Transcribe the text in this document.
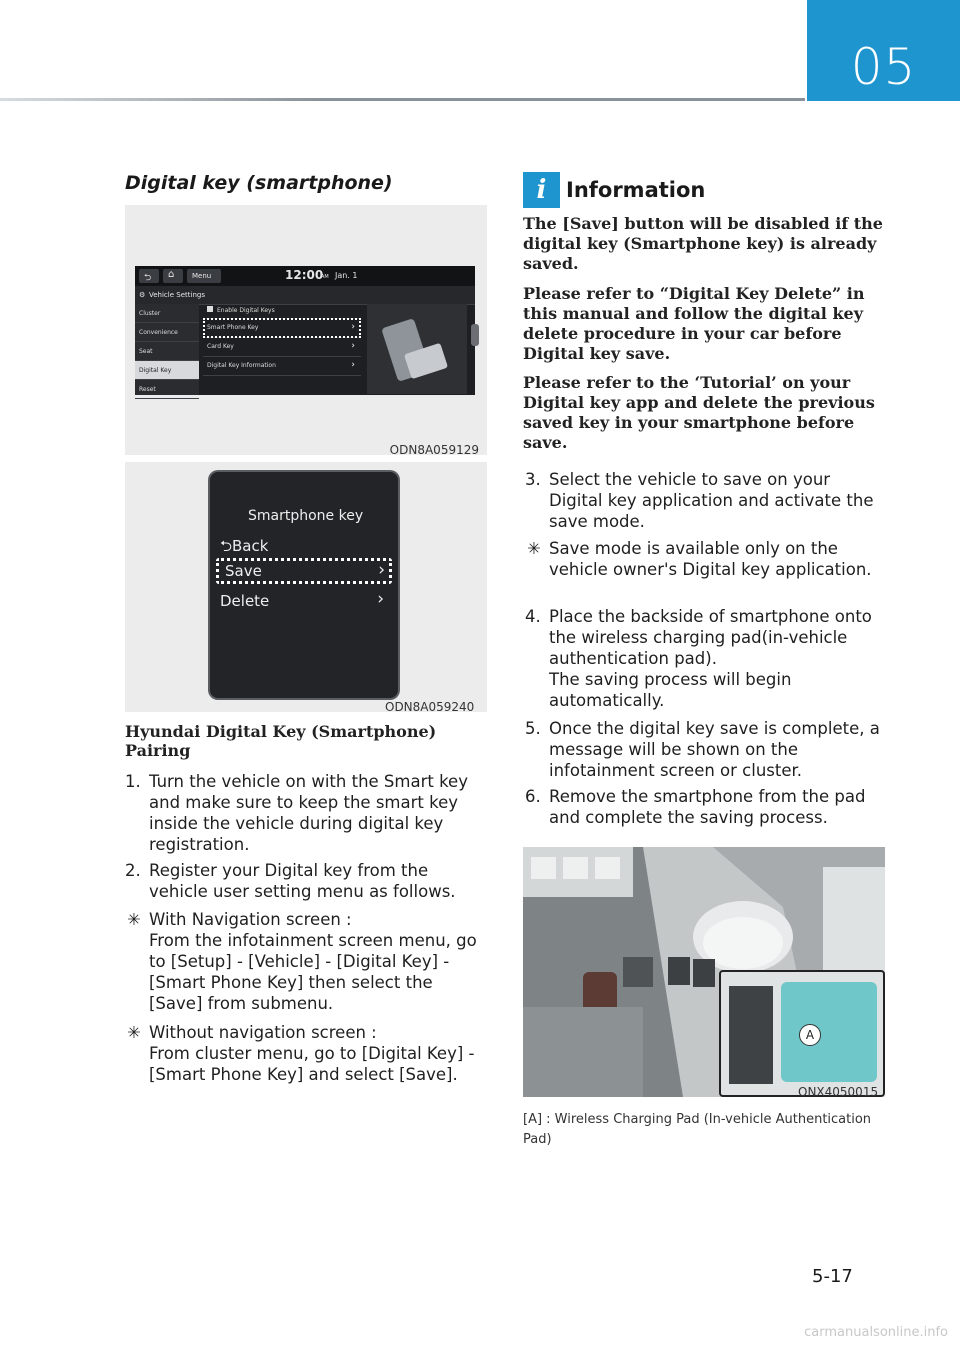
05
Digital key (smartphone)
⮌ ⌂	Menu	12:00
AM Jan. 1
⚙ Vehicle Settings
Cluster
Convenience
Seat
Digital Key
Reset
Enable Digital Keys
Smart Phone Key	›
Card Key	›
Digital Key Information	›
ODN8A059129
Smartphone key
⮌Back
Save	›
Delete	›
ODN8A059240
Hyundai Digital Key (Smartphone) Pairing
1. Turn the vehicle on with the Smart key and make sure to keep the smart key inside the vehicle during digital key registration.
2. Register your Digital key from the vehicle user setting menu as follows.
✳ With Navigation screen :
From the infotainment screen menu, go to [Setup] - [Vehicle] - [Digital Key] - [Smart Phone Key] then select the [Save] from submenu.
✳ Without navigation screen :
From cluster menu, go to [Digital Key] - [Smart Phone Key] and select [Save].
i Information
The [Save] button will be disabled if the digital key (Smartphone key) is already saved.
Please refer to “Digital Key Delete” in this manual and follow the digital key delete procedure in your car before Digital key save.
Please refer to the ‘Tutorial’ on your Digital key app and delete the previous saved key in your smartphone before save.
3. Select the vehicle to save on your Digital key application and activate the save mode.
✳ Save mode is available only on the vehicle owner's Digital key application.
4. Place the backside of smartphone onto the wireless charging pad(in-vehicle authentication pad).
The saving process will begin automatically.
5. Once the digital key save is complete, a message will be shown on the infotainment screen or cluster.
6. Remove the smartphone from the pad and complete the saving process.
A
ONX4050015
[A] : Wireless Charging Pad (In-vehicle Authentication Pad)
5-17
carmanualsonline.info
